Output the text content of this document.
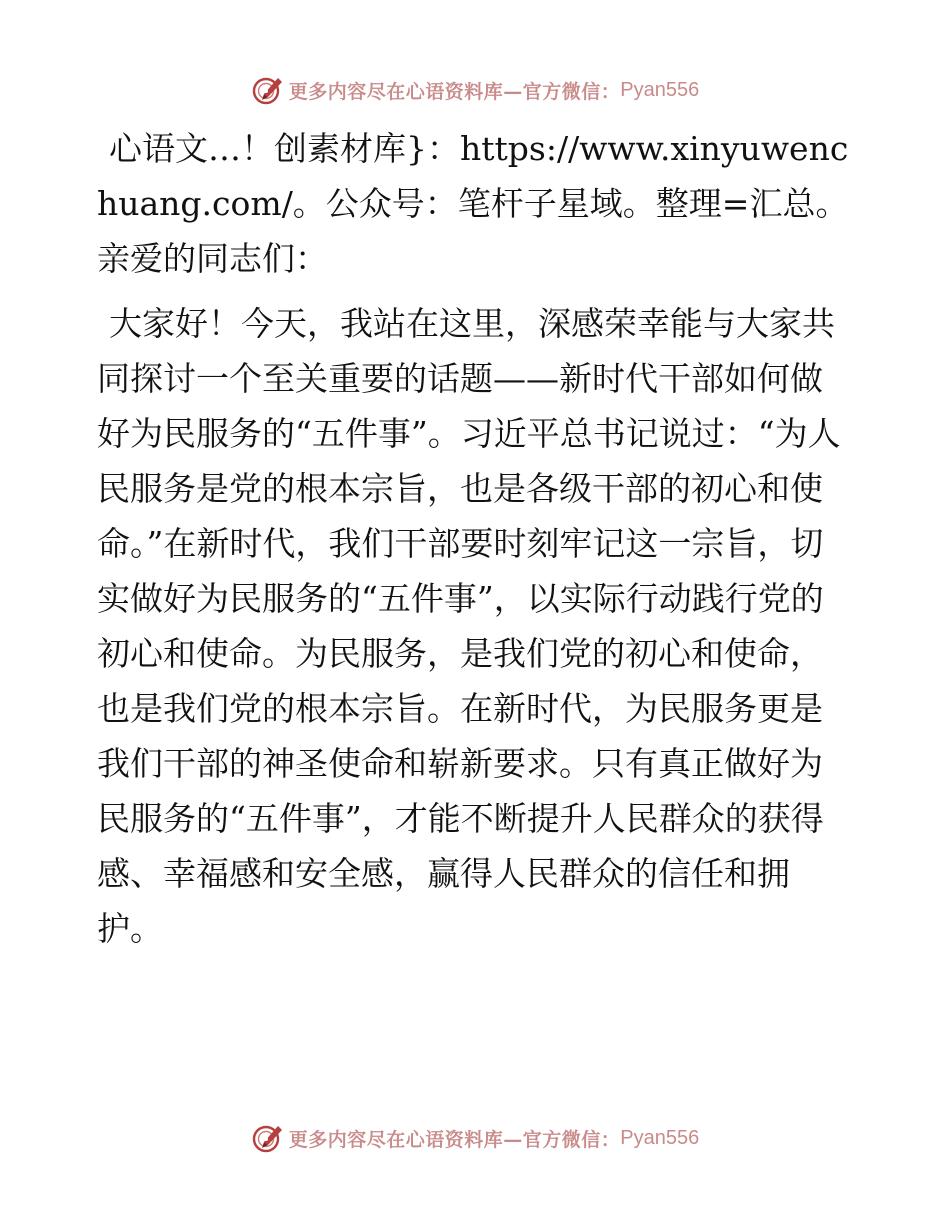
更多内容尽在心语资料库—官方微信： Pyan556

心语文…！创素材库}：https://www.xinyuwenchuang.com/。公众号：笔杆子星域。整理=汇总。亲爱的同志们：

大家好！今天，我站在这里，深感荣幸能与大家共同探讨一个至关重要的话题——新时代干部如何做好为民服务的“五件事”。习近平总书记说过：“为人民服务是党的根本宗旨，也是各级干部的初心和使命。”在新时代，我们干部要时刻牢记这一宗旨，切实做好为民服务的“五件事”，以实际行动践行党的初心和使命。为民服务，是我们党的初心和使命，也是我们党的根本宗旨。在新时代，为民服务更是我们干部的神圣使命和崭新要求。只有真正做好为民服务的“五件事”，才能不断提升人民群众的获得感、幸福感和安全感，赢得人民群众的信任和拥护。

更多内容尽在心语资料库—官方微信： Pyan556
